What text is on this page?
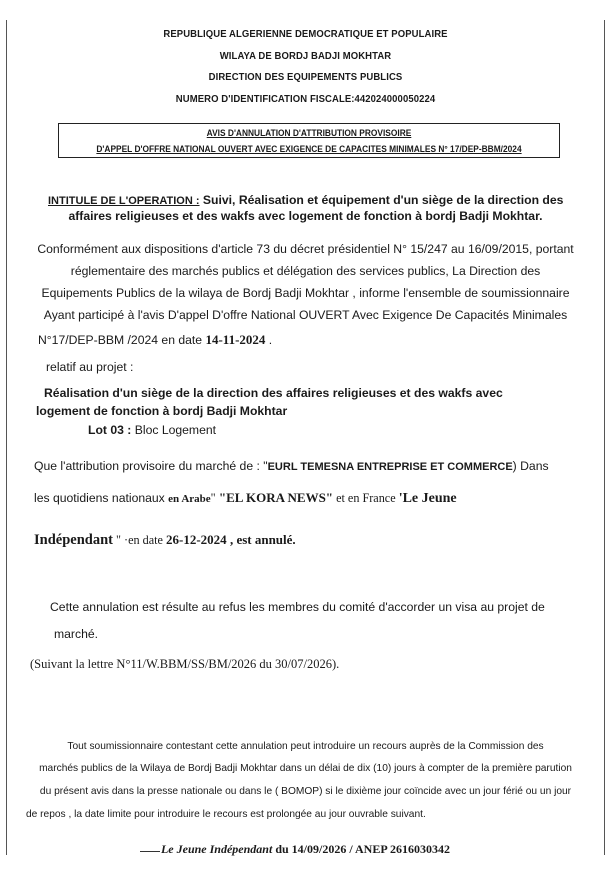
REPUBLIQUE ALGERIENNE DEMOCRATIQUE ET POPULAIRE
WILAYA DE BORDJ BADJI MOKHTAR
DIRECTION DES EQUIPEMENTS PUBLICS
NUMERO D'IDENTIFICATION FISCALE:442024000050224
AVIS D'ANNULATION D'ATTRIBUTION PROVISOIRE
D'APPEL D'OFFRE NATIONAL OUVERT AVEC EXIGENCE DE CAPACITES MINIMALES N° 17/DEP-BBM/2024
INTITULE DE L'OPERATION : Suivi, Réalisation et équipement d'un siège de la direction des
affaires religieuses et des wakfs avec logement de fonction à bordj Badji Mokhtar.
Conformément aux dispositions d'article 73 du décret présidentiel N° 15/247 au 16/09/2015, portant
réglementaire des marchés publics et délégation des services publics, La Direction des
Equipements Publics de la wilaya de Bordj Badji Mokhtar , informe l'ensemble de soumissionnaire
Ayant participé à l'avis D'appel D'offre National OUVERT Avec Exigence De Capacités Minimales
N°17/DEP-BBM /2024 en date 14-11-2024 .
relatif au projet :
Réalisation d'un siège de la direction des affaires religieuses et des wakfs avec
logement de fonction à bordj Badji Mokhtar
Lot 03 : Bloc Logement
Que l'attribution provisoire du marché de : "EURL TEMESNA ENTREPRISE ET COMMERCE) Dans
les quotidiens nationaux en Arabe" "EL KORA NEWS" et en France 'Le Jeune
Indépendant " ·en date 26-12-2024 , est annulé.
Cette annulation est résulte au refus les membres du comité d'accorder un visa au projet de
marché.
(Suivant la lettre N°11/W.BBM/SS/BM/2026 du 30/07/2026).
Tout soumissionnaire contestant cette annulation peut introduire un recours auprès de la Commission des
marchés publics de la Wilaya de Bordj Badji Mokhtar dans un délai de dix (10) jours à compter de la première parution
du présent avis dans la presse nationale ou dans le ( BOMOP) si le dixième jour coïncide avec un jour férié ou un jour
de repos , la date limite pour introduire le recours est prolongée au jour ouvrable suivant.
Le Jeune Indépendant du 14/09/2026 / ANEP 2616030342
